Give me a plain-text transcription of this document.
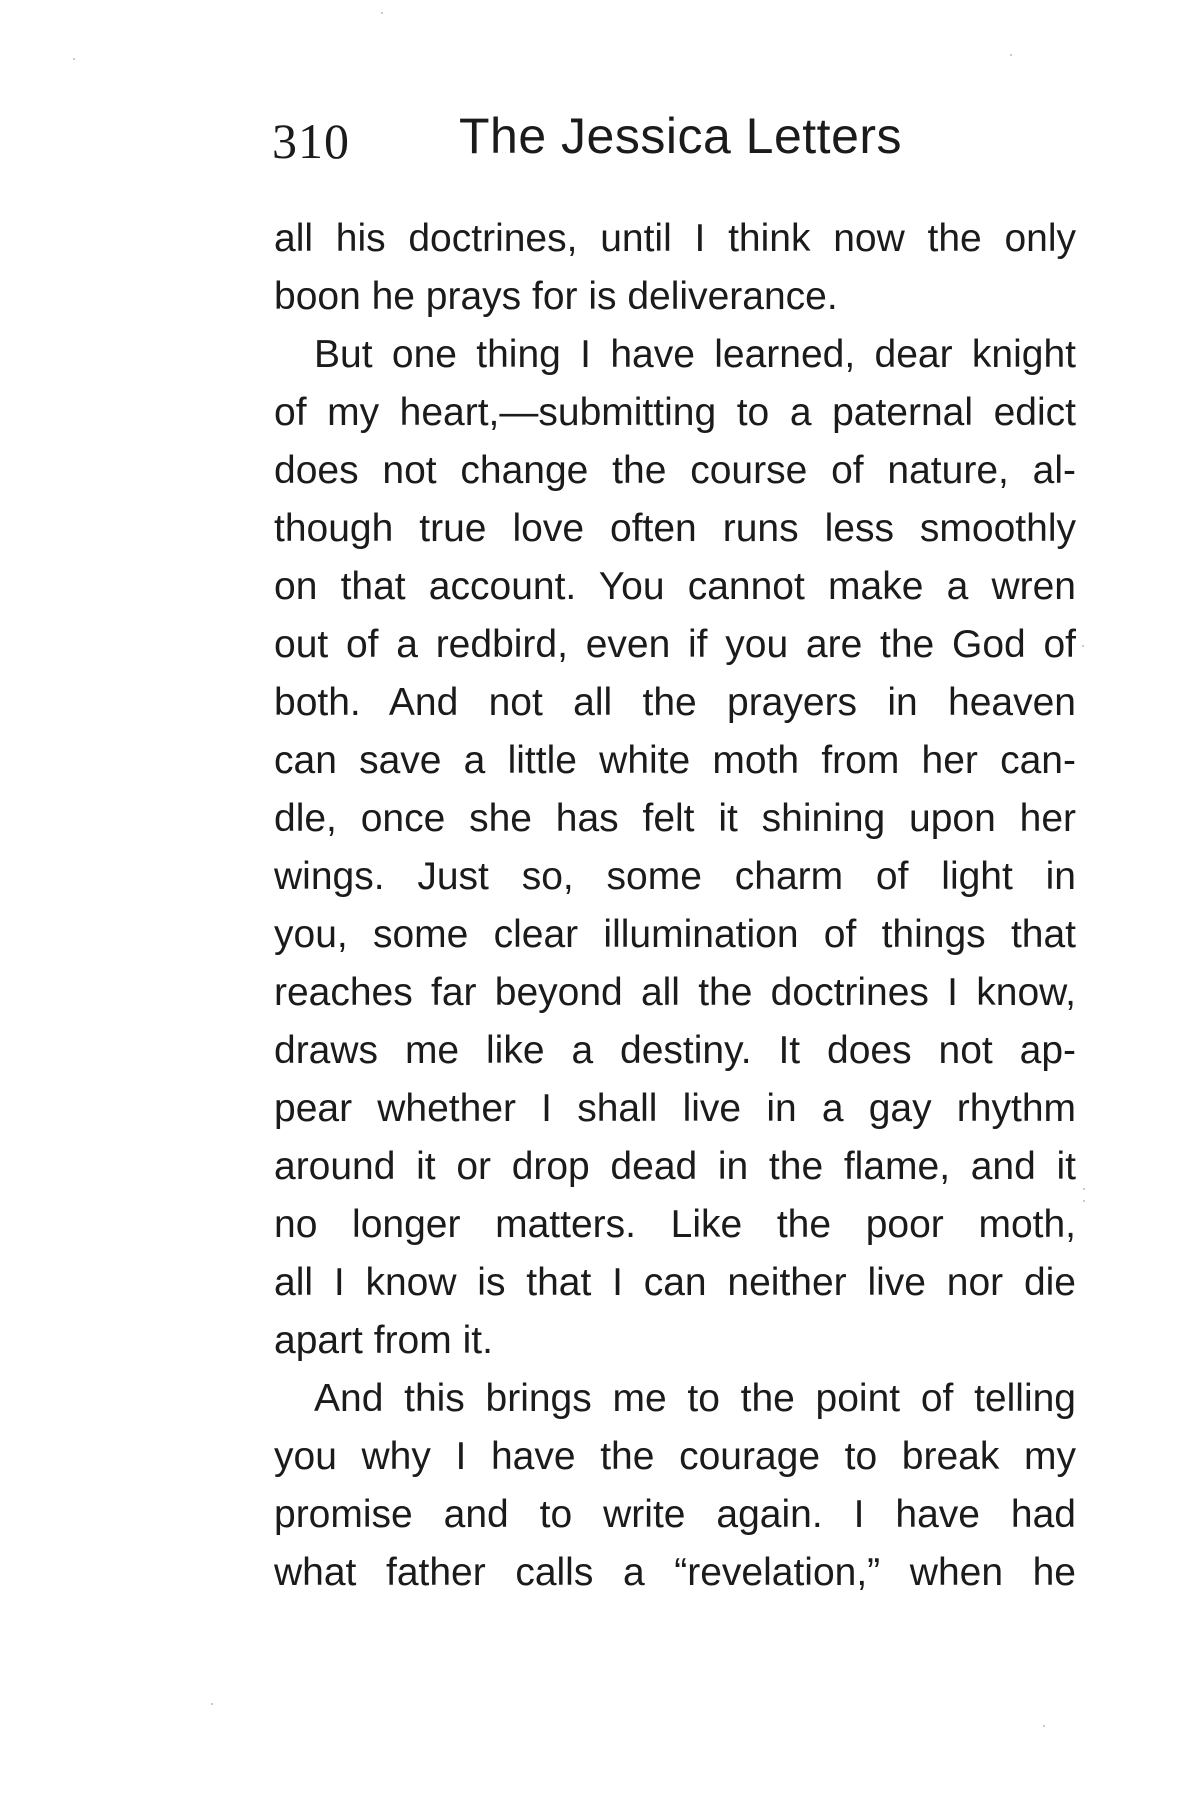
310 The Jessica Letters
all his doctrines, until I think now the only
boon he prays for is deliverance.
But one thing I have learned, dear knight
of my heart,—submitting to a paternal edict
does not change the course of nature, al-
though true love often runs less smoothly
on that account. You cannot make a wren
out of a redbird, even if you are the God of
both. And not all the prayers in heaven
can save a little white moth from her can-
dle, once she has felt it shining upon her
wings. Just so, some charm of light in
you, some clear illumination of things that
reaches far beyond all the doctrines I know,
draws me like a destiny. It does not ap-
pear whether I shall live in a gay rhythm
around it or drop dead in the flame, and it
no longer matters. Like the poor moth,
all I know is that I can neither live nor die
apart from it.
And this brings me to the point of telling
you why I have the courage to break my
promise and to write again. I have had
what father calls a “revelation,” when he
